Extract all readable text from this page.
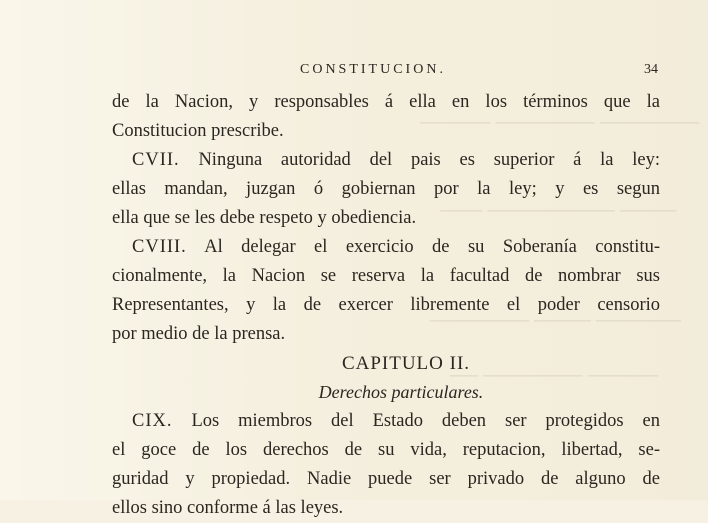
─────── ─────── ─────
──── ───────── ───
────── ──── ───────
───── ─────── ──
CONSTITUCION.	34
de la Nacion, y responsables á ella en los términos que la
Constitucion prescribe.
CVII. Ninguna autoridad del pais es superior á la ley:
ellas mandan, juzgan ó gobiernan por la ley; y es segun
ella que se les debe respeto y obediencia.
CVIII. Al delegar el exercicio de su Soberanía constitu-
cionalmente, la Nacion se reserva la facultad de nombrar sus
Representantes, y la de exercer libremente el poder censorio
por medio de la prensa.
CAPITULO II.
Derechos particulares.
CIX. Los miembros del Estado deben ser protegidos en
el goce de los derechos de su vida, reputacion, libertad, se-
guridad y propiedad. Nadie puede ser privado de alguno de
ellos sino conforme á las leyes.
